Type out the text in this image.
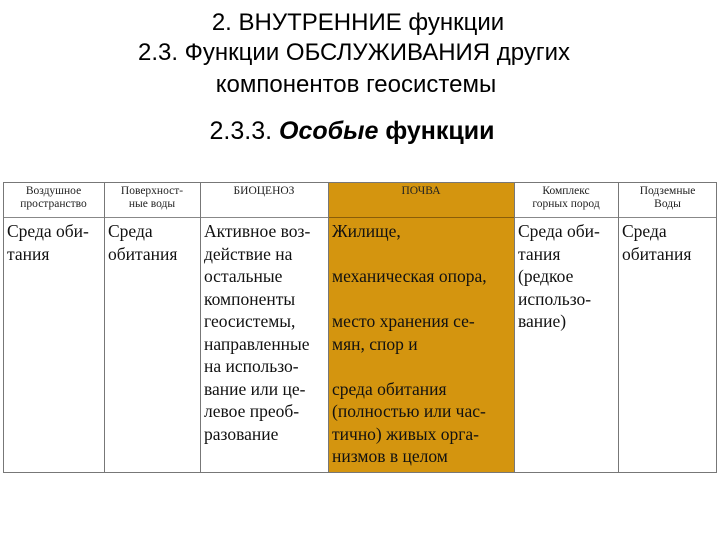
2. ВНУТРЕННИЕ функции
2.3. Функции ОБСЛУЖИВАНИЯ других
компонентов геосистемы
2.3.3. Особые функции
Воздушное
пространство
Среда оби-
тания
Поверхност-
ные воды
Среда
обитания
БИОЦЕНОЗ
Активное воз-
действие на
остальные
компоненты
геосистемы,
направленные
на использо-
вание или це-
левое преоб-
разование
ПОЧВА
Жилище,

механическая опора,

место хранения се-
мян, спор и

среда обитания
(полностью или час-
тично) живых орга-
низмов в целом
Комплекс
горных пород
Среда оби-
тания
(редкое
использо-
вание)
Подземные
Воды
Среда
обитания
